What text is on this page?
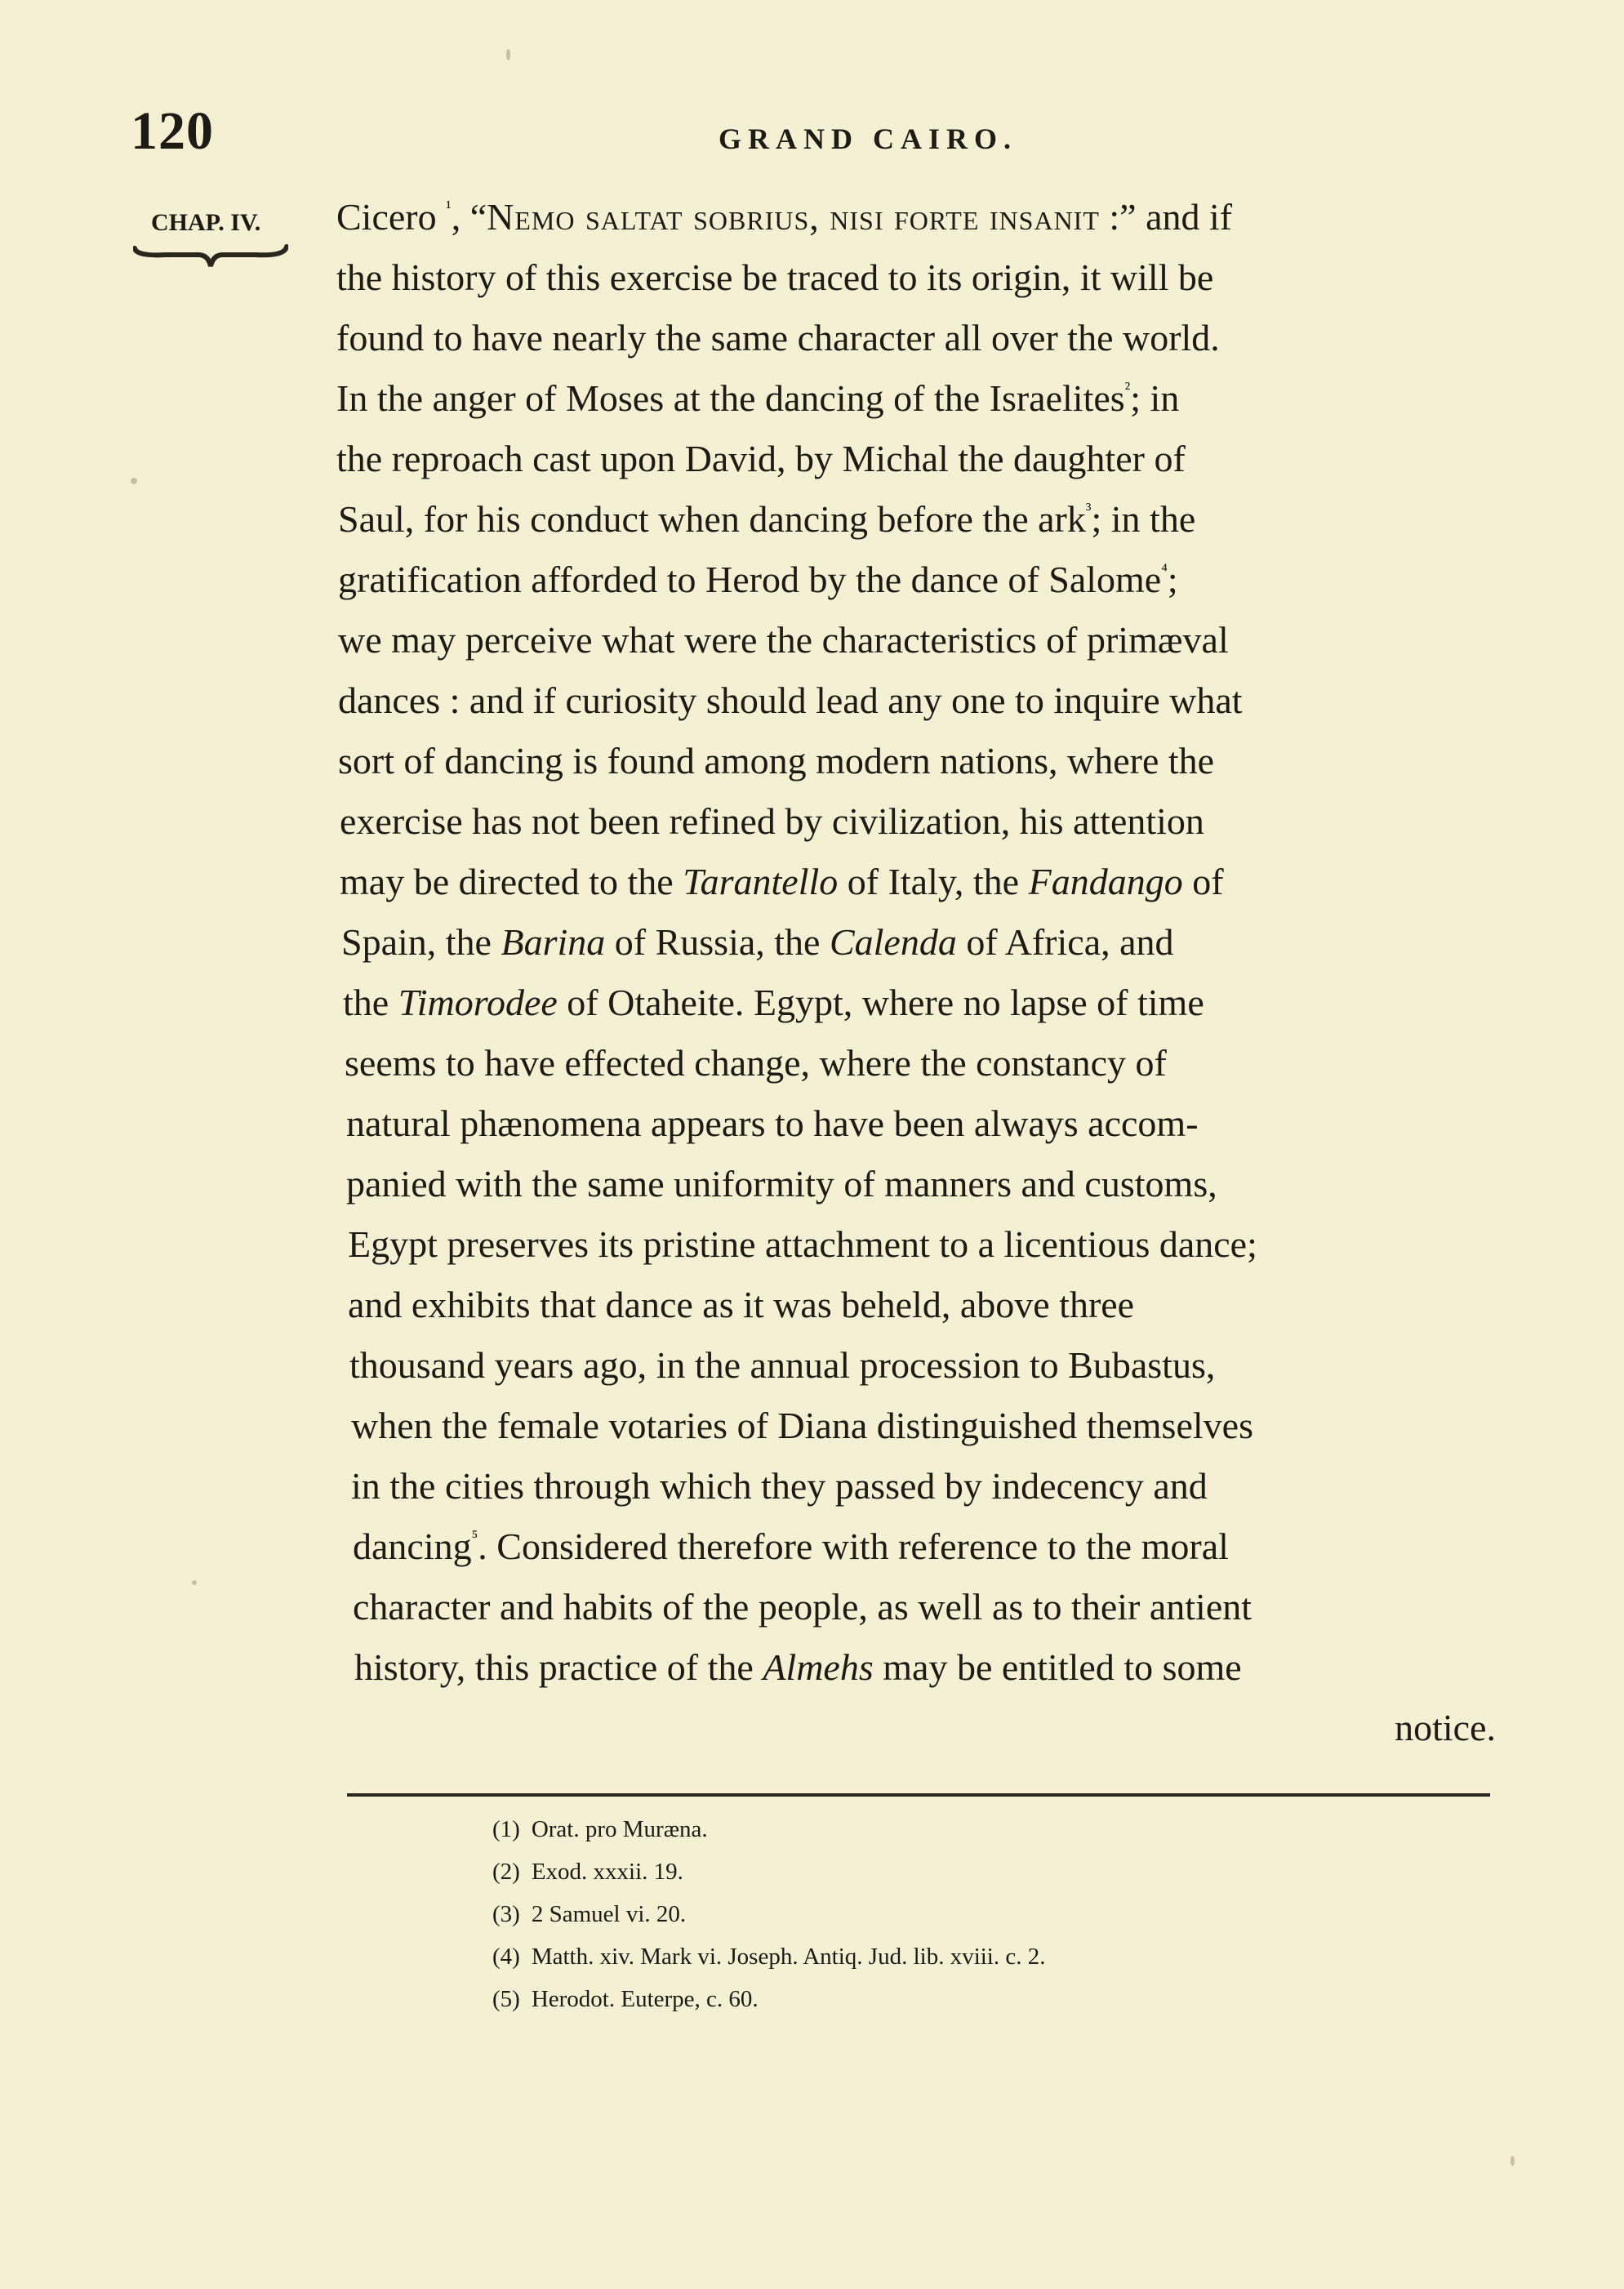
120	GRAND CAIRO.
CHAP. IV.	Cicero $^{^1}$, “Nemo saltat sobrius, nisi forte insanit :” and if
the history of this exercise be traced to its origin, it will be
found to have nearly the same character all over the world.
In the anger of Moses at the dancing of the Israelites$^{^2}$; in
the reproach cast upon David, by Michal the daughter of
Saul, for his conduct when dancing before the ark$^{^3}$; in the
gratification afforded to Herod by the dance of Salome$^{^4}$;
we may perceive what were the characteristics of primæval
dances : and if curiosity should lead any one to inquire what
sort of dancing is found among modern nations, where the
exercise has not been refined by civilization, his attention
may be directed to the Tarantello of Italy, the Fandango of
Spain, the Barina of Russia, the Calenda of Africa, and
the Timorodee of Otaheite. Egypt, where no lapse of time
seems to have effected change, where the constancy of
natural phænomena appears to have been always accom-
panied with the same uniformity of manners and customs,
Egypt preserves its pristine attachment to a licentious dance;
and exhibits that dance as it was beheld, above three
thousand years ago, in the annual procession to Bubastus,
when the female votaries of Diana distinguished themselves
in the cities through which they passed by indecency and
dancing$^{^5}$. Considered therefore with reference to the moral
character and habits of the people, as well as to their antient
history, this practice of the Almehs may be entitled to some
notice.
(1) Orat. pro Muræna.
(2) Exod. xxxii. 19.
(3) 2 Samuel vi. 20.
(4) Matth. xiv. Mark vi. Joseph. Antiq. Jud. lib. xviii. c. 2.
(5) Herodot. Euterpe, c. 60.
